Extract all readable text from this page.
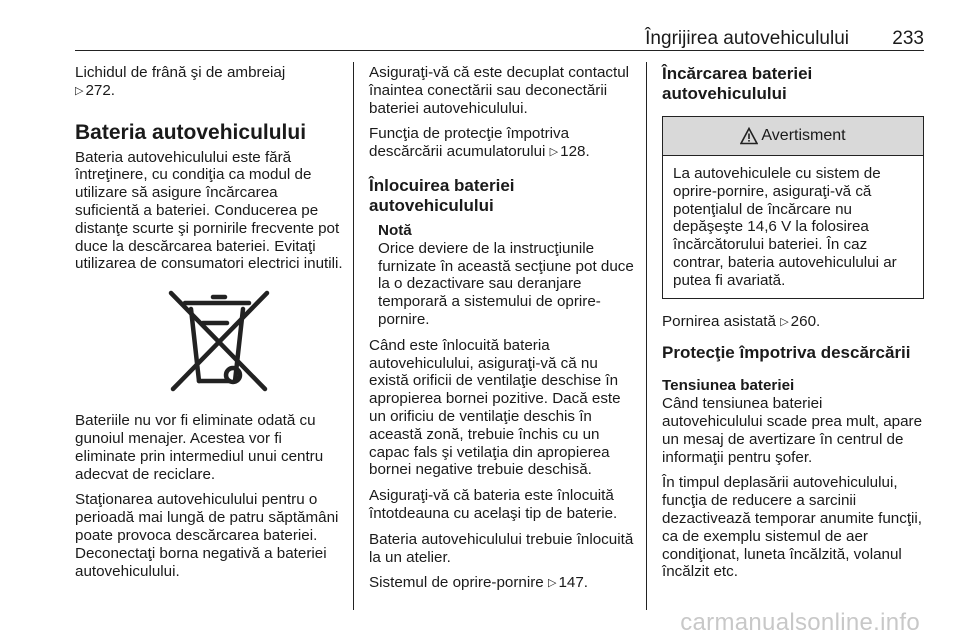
Îngrijirea autovehiculului 233

Lichidul de frână şi de ambreiaj
▷ 272.

Bateria autovehiculului

Bateria autovehiculului este fără întreţinere, cu condiţia ca modul de utilizare să asigure încărcarea suficientă a bateriei. Conducerea pe distanţe scurte şi pornirile frecvente pot duce la descărcarea bateriei. Evitaţi utilizarea de consumatori electrici inutili.

Bateriile nu vor fi eliminate odată cu gunoiul menajer. Acestea vor fi eliminate prin intermediul unui centru adecvat de reciclare.

Staţionarea autovehiculului pentru o perioadă mai lungă de patru săptămâni poate provoca descărcarea bateriei. Deconectaţi borna negativă a bateriei autovehiculului.

Asiguraţi-vă că este decuplat contactul înaintea conectării sau deconectării bateriei autovehiculului.

Funcţia de protecţie împotriva descărcării acumulatorului ▷ 128.

Înlocuirea bateriei autovehiculului
Notă
Orice deviere de la instrucţiunile furnizate în această secţiune pot duce la o dezactivare sau deranjare temporară a sistemului de oprire-pornire.

Când este înlocuită bateria autovehiculului, asiguraţi-vă că nu există orificii de ventilaţie deschise în apropierea bornei pozitive. Dacă este un orificiu de ventilaţie deschis în această zonă, trebuie închis cu un capac fals şi vetilaţia din apropierea bornei negative trebuie deschisă.

Asiguraţi-vă că bateria este înlocuită întotdeauna cu acelaşi tip de baterie.

Bateria autovehiculului trebuie înlocuită la un atelier.

Sistemul de oprire-pornire ▷ 147.

Încărcarea bateriei autovehiculului
Avertisment
La autovehiculele cu sistem de oprire-pornire, asiguraţi-vă că potenţialul de încărcare nu depăşeşte 14,6 V la folosirea încărcătorului bateriei. În caz contrar, bateria autovehiculului ar putea fi avariată.

Pornirea asistată ▷ 260.

Protecţie împotriva descărcării
Tensiunea bateriei

Când tensiunea bateriei autovehiculului scade prea mult, apare un mesaj de avertizare în centrul de informaţii pentru şofer.

În timpul deplasării autovehiculului, funcţia de reducere a sarcinii dezactivează temporar anumite funcţii, ca de exemplu sistemul de aer condiţionat, luneta încălzită, volanul încălzit etc.

carmanualsonline.info
